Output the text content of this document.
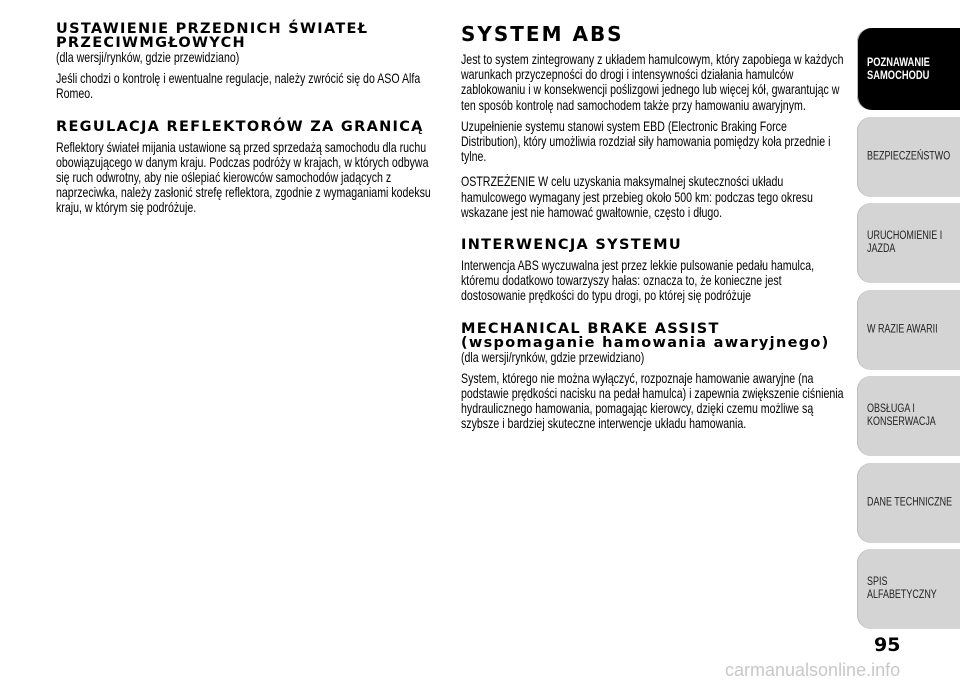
USTAWIENIE PRZEDNICH ŚWIATEŁ PRZECIWMGŁOWYCH

(dla wersji/rynków, gdzie przewidziano)

Jeśli chodzi o kontrolę i ewentualne regulacje, należy zwrócić się do ASO Alfa Romeo.

REGULACJA REFLEKTORÓW ZA GRANICĄ

Reflektory świateł mijania ustawione są przed sprzedażą samochodu dla ruchu obowiązującego w danym kraju. Podczas podróży w krajach, w których odbywa się ruch odwrotny, aby nie oślepiać kierowców samochodów jadących z naprzeciwka, należy zasłonić strefę reflektora, zgodnie z wymaganiami kodeksu kraju, w którym się podróżuje.

SYSTEM ABS

Jest to system zintegrowany z układem hamulcowym, który zapobiega w każdych warunkach przyczepności do drogi i intensywności działania hamulców zablokowaniu i w konsekwencji poślizgowi jednego lub więcej kół, gwarantując w ten sposób kontrolę nad samochodem także przy hamowaniu awaryjnym.

Uzupełnienie systemu stanowi system EBD (Electronic Braking Force Distribution), który umożliwia rozdział siły hamowania pomiędzy koła przednie i tylne.

OSTRZEŻENIE W celu uzyskania maksymalnej skuteczności układu hamulcowego wymagany jest przebieg około 500 km: podczas tego okresu wskazane jest nie hamować gwałtownie, często i długo.

INTERWENCJA SYSTEMU

Interwencja ABS wyczuwalna jest przez lekkie pulsowanie pedału hamulca, któremu dodatkowo towarzyszy hałas: oznacza to, że konieczne jest dostosowanie prędkości do typu drogi, po której się podróżuje

MECHANICAL BRAKE ASSIST (wspomaganie hamowania awaryjnego)

(dla wersji/rynków, gdzie przewidziano)

System, którego nie można wyłączyć, rozpoznaje hamowanie awaryjne (na podstawie prędkości nacisku na pedał hamulca) i zapewnia zwiększenie ciśnienia hydraulicznego hamowania, pomagając kierowcy, dzięki czemu możliwe są szybsze i bardziej skuteczne interwencje układu hamowania.

POZNAWANIE SAMOCHODU
BEZPIECZEŃSTWO
URUCHOMIENIE I JAZDA
W RAZIE AWARII
OBSŁUGA I KONSERWACJA
DANE TECHNICZNE
SPIS ALFABETYCZNY
95
carmanualsonline.info
